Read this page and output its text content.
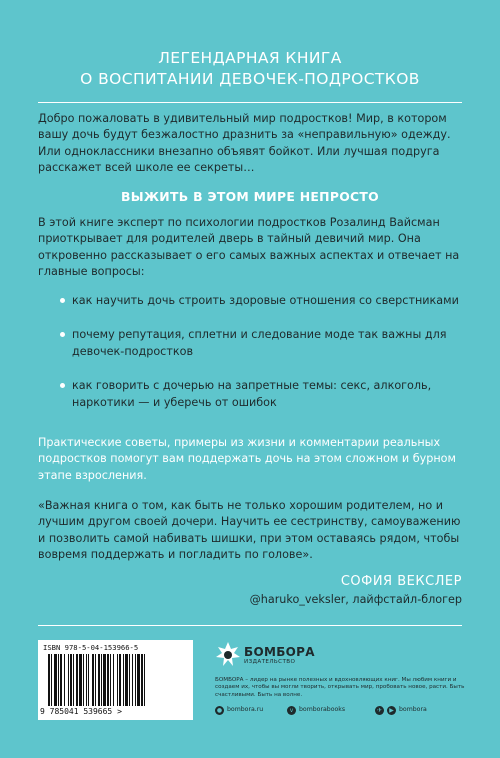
ЛЕГЕНДАРНАЯ КНИГА
О ВОСПИТАНИИ ДЕВОЧЕК-ПОДРОСТКОВ

Добро пожаловать в удивительный мир подростков! Мир, в котором вашу дочь будут безжалостно дразнить за «неправильную» одежду. Или одноклассники внезапно объявят бойкот. Или лучшая подруга расскажет всей школе ее секреты…

ВЫЖИТЬ В ЭТОМ МИРЕ НЕПРОСТО

В этой книге эксперт по психологии подростков Розалинд Вайсман приоткрывает для родителей дверь в тайный девичий мир. Она откровенно рассказывает о его самых важных аспектах и отвечает на главные вопросы:

как научить дочь строить здоровые отношения со сверстниками
почему репутация, сплетни и следование моде так важны для девочек-подростков
как говорить с дочерью на запретные темы: секс, алкоголь, наркотики — и уберечь от ошибок

Практические советы, примеры из жизни и комментарии реальных подростков помогут вам поддержать дочь на этом сложном и бурном этапе взросления.

«Важная книга о том, как быть не только хорошим родителем, но и лучшим другом своей дочери. Научить ее сестринству, самоуважению и позволить самой набивать шишки, при этом оставаясь рядом, чтобы вовремя поддержать и погладить по голове».

СОФИЯ ВЕКСЛЕР
@haruko_veksler, лайфстайл-блогер
ISBN 978-5-04-153966-5
9 785041 539665 >
БОМБОРА
ИЗДАТЕЛЬСТВО

БОМБОРА – лидер на рынке полезных и вдохновляющих книг. Мы любим книги и создаем их, чтобы вы могли творить, открывать мир, пробовать новое, расти. Быть счастливыми. Быть на волне.

● bombora.ru	v bomborabooks	✈	▶ bombora
